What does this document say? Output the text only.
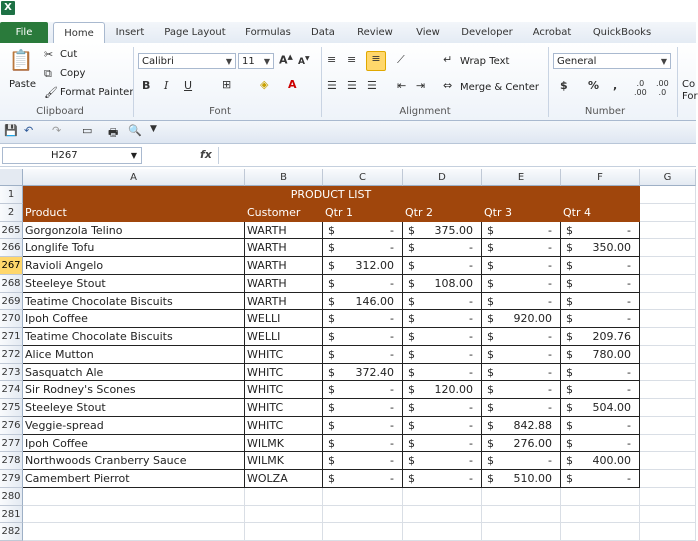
X
File	Home	Insert	Page Layout	Formulas	Data	Review	View	Developer	Acrobat	QuickBooks
📋
Paste
✂ Cut
⧉ Copy
🖌 Format Painter
Clipboard
Calibri	▼	11 ▼ A▲ A▼
B I U	⊞	◈ A
Font
≡ ≡	≡	⟋
☰ ☰ ☰ ⇤ ⇥
↵ Wrap Text
⇔ Merge & Center
Alignment
General	▼
$ % ,	.0
.00
.00
.0
Number
Co
For
💾 ↶ ↷ ▭ 🖶 🔍 ▼
H267	▼	fx
A	B	C	D	E	F	G
1	PRODUCT LIST
2 Product	Customer	Qtr 1	Qtr 2	Qtr 3	Qtr 4
265 Gorgonzola Telino	WARTH	$	- $ 375.00 $	- $	-
266 Longlife Tofu	WARTH	$	- $	- $	- $ 350.00
267 Ravioli Angelo	WARTH	$ 312.00 $	- $	- $	-
268 Steeleye Stout	WARTH	$	- $ 108.00 $	- $	-
269 Teatime Chocolate Biscuits	WARTH	$ 146.00 $	- $	- $	-
270 Ipoh Coffee	WELLI	$	- $	- $ 920.00 $	-
271 Teatime Chocolate Biscuits	WELLI	$	- $	- $	- $ 209.76
272 Alice Mutton	WHITC	$	- $	- $	- $ 780.00
273 Sasquatch Ale	WHITC	$ 372.40 $	- $	- $	-
274 Sir Rodney's Scones	WHITC	$	- $ 120.00 $	- $	-
275 Steeleye Stout	WHITC	$	- $	- $	- $ 504.00
276 Veggie-spread	WHITC	$	- $	- $ 842.88 $	-
277 Ipoh Coffee	WILMK	$	- $	- $ 276.00 $	-
278 Northwoods Cranberry Sauce	WILMK	$	- $	- $	- $ 400.00
279 Camembert Pierrot	WOLZA	$	- $	- $ 510.00 $	-
280
281
282
